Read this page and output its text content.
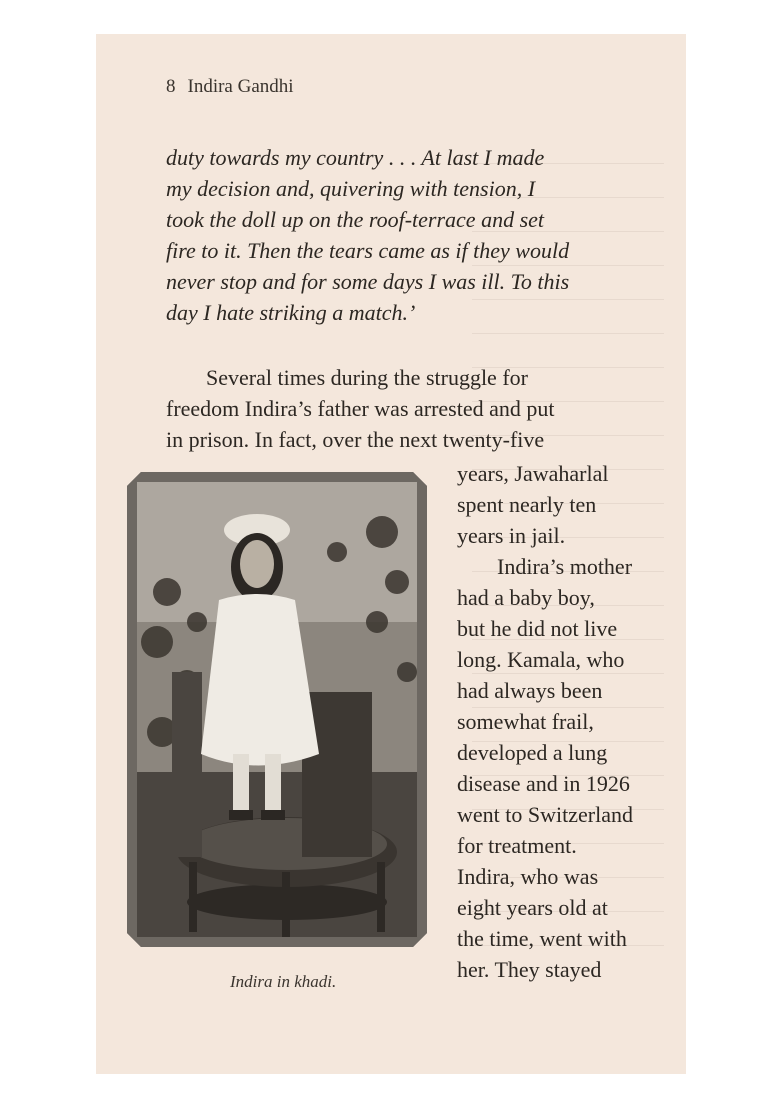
8 Indira Gandhi

duty towards my country . . . At last I made
my decision and, quivering with tension, I
took the doll up on the roof-terrace and set
fire to it. Then the tears came as if they would
never stop and for some days I was ill. To this
day I hate striking a match.’

Several times during the struggle for
freedom Indira’s father was arrested and put
in prison. In fact, over the next twenty-five

years, Jawaharlal
spent nearly ten
years in jail.
Indira’s mother
had a baby boy,
but he did not live
long. Kamala, who
had always been
somewhat frail,
developed a lung
disease and in 1926
went to Switzerland
for treatment.
Indira, who was
eight years old at
the time, went with
her. They stayed

Indira in khadi.
